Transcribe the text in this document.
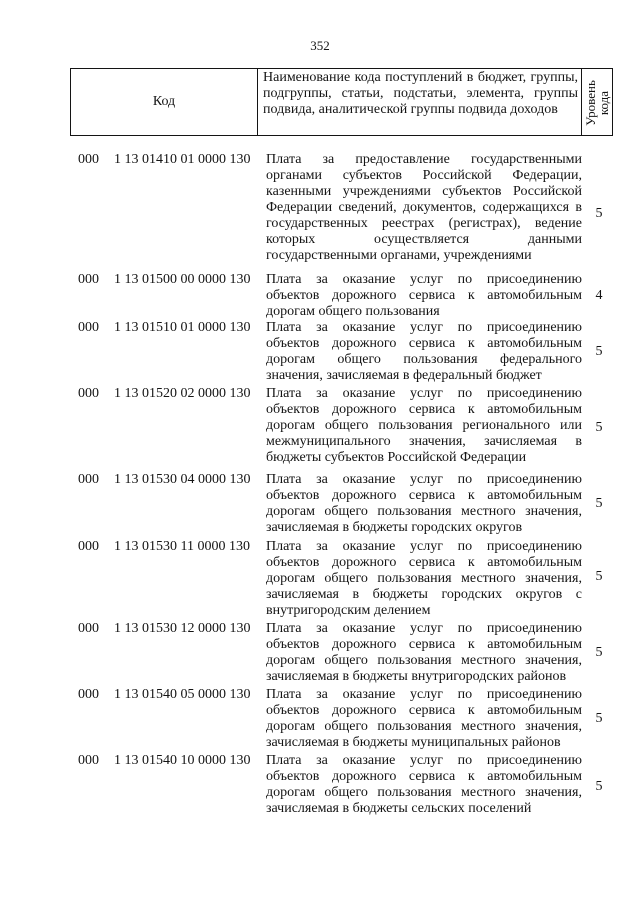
352
Код
Наименование кода поступлений в бюджет, группы, подгруппы, статьи, подстатьи, элемента, группы подвида, аналитической группы подвида доходов	Уровень
кода
000 1 13 01410 01 0000 130 Плата за предоставление государственными органами субъектов Российской Федерации, казенными учреждениями субъектов Российской Федерации сведений, документов, содержащихся в государственных реестрах (регистрах), ведение которых осуществляется данными государственными органами, учреждениями
5
000 1 13 01500 00 0000 130 Плата за оказание услуг по присоединению объектов дорожного сервиса к автомобильным дорогам общего пользования
4
000 1 13 01510 01 0000 130 Плата за оказание услуг по присоединению объектов дорожного сервиса к автомобильным дорогам общего пользования федерального значения, зачисляемая в федеральный бюджет
5
000 1 13 01520 02 0000 130 Плата за оказание услуг по присоединению объектов дорожного сервиса к автомобильным дорогам общего пользования регионального или межмуниципального значения, зачисляемая в бюджеты субъектов Российской Федерации
5
000 1 13 01530 04 0000 130 Плата за оказание услуг по присоединению объектов дорожного сервиса к автомобильным дорогам общего пользования местного значения, зачисляемая в бюджеты городских округов
5
000 1 13 01530 11 0000 130 Плата за оказание услуг по присоединению объектов дорожного сервиса к автомобильным дорогам общего пользования местного значения, зачисляемая в бюджеты городских округов с внутригородским делением
5
000 1 13 01530 12 0000 130 Плата за оказание услуг по присоединению объектов дорожного сервиса к автомобильным дорогам общего пользования местного значения, зачисляемая в бюджеты внутригородских районов
5
000 1 13 01540 05 0000 130 Плата за оказание услуг по присоединению объектов дорожного сервиса к автомобильным дорогам общего пользования местного значения, зачисляемая в бюджеты муниципальных районов
5
000 1 13 01540 10 0000 130 Плата за оказание услуг по присоединению объектов дорожного сервиса к автомобильным дорогам общего пользования местного значения, зачисляемая в бюджеты сельских поселений
5
